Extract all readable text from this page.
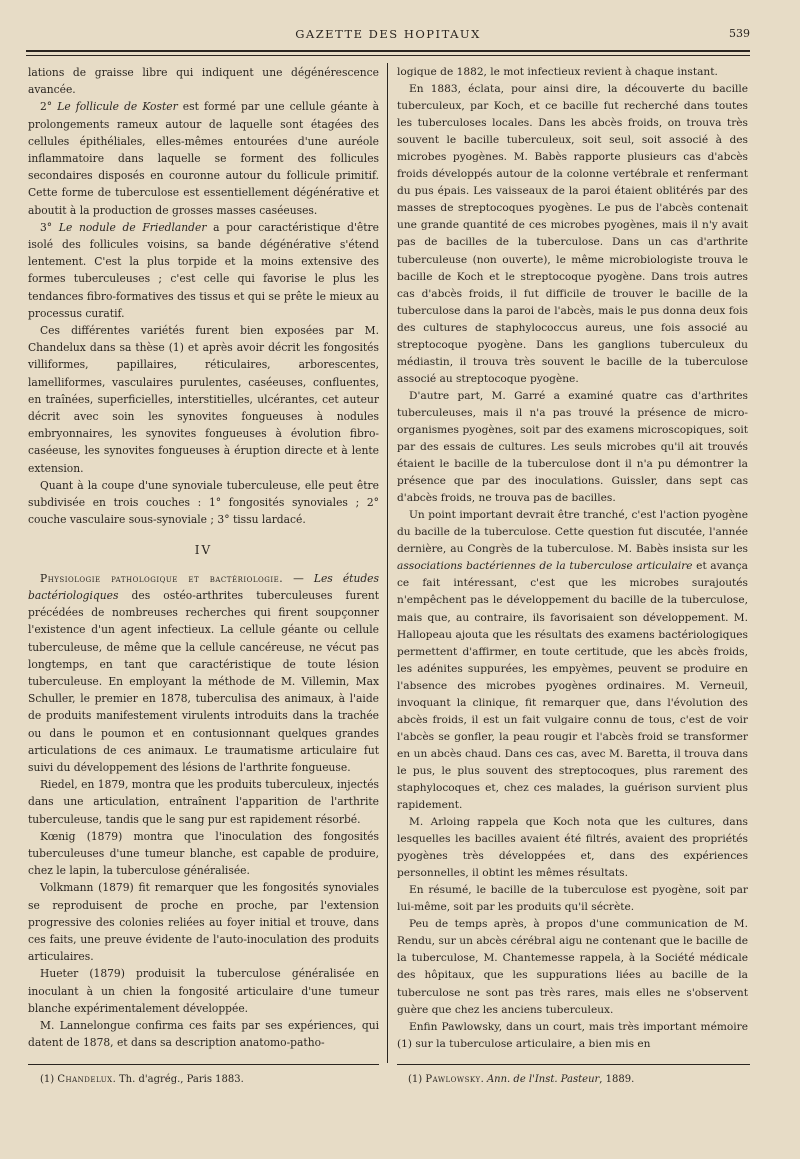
GAZETTE DES HOPITAUX	539

lations de graisse libre qui indiquent une dégénérescence avancée.

2° Le follicule de Koster est formé par une cellule géante à prolongements rameux autour de laquelle sont étagées des cellules épithéliales, elles-mêmes entourées d'une auréole inflammatoire dans laquelle se forment des follicules secondaires disposés en couronne autour du follicule primitif. Cette forme de tuberculose est essentiellement dégénérative et aboutit à la production de grosses masses caséeuses.

3° Le nodule de Friedlander a pour caractéristique d'être isolé des follicules voisins, sa bande dégénérative s'étend lentement. C'est la plus torpide et la moins extensive des formes tuberculeuses ; c'est celle qui favorise le plus les tendances fibro-formatives des tissus et qui se prête le mieux au processus curatif.

Ces différentes variétés furent bien exposées par M. Chandelux dans sa thèse (1) et après avoir décrit les fongosités villiformes, papillaires, réticulaires, arborescentes, lamelliformes, vasculaires purulentes, caséeuses, confluentes, en traînées, superficielles, interstitielles, ulcérantes, cet auteur décrit avec soin les synovites fongueuses à nodules embryonnaires, les synovites fongueuses à évolution fibro-caséeuse, les synovites fongueuses à éruption directe et à lente extension.

Quant à la coupe d'une synoviale tuberculeuse, elle peut être subdivisée en trois couches : 1° fongosités synoviales ; 2° couche vasculaire sous-synoviale ; 3° tissu lardacé.

IV

Physiologie pathologique et bactériologie. — Les études bactériologiques des ostéo-arthrites tuberculeuses furent précédées de nombreuses recherches qui firent soupçonner l'existence d'un agent infectieux. La cellule géante ou cellule tuberculeuse, de même que la cellule cancéreuse, ne vécut pas longtemps, en tant que caractéristique de toute lésion tuberculeuse. En employant la méthode de M. Villemin, Max Schuller, le premier en 1878, tuberculisa des animaux, à l'aide de produits manifestement virulents introduits dans la trachée ou dans le poumon et en contusionnant quelques grandes articulations de ces animaux. Le traumatisme articulaire fut suivi du développement des lésions de l'arthrite fongueuse.

Riedel, en 1879, montra que les produits tuberculeux, injectés dans une articulation, entraînent l'apparition de l'arthrite tuberculeuse, tandis que le sang pur est rapidement résorbé.

Kœnig (1879) montra que l'inoculation des fongosités tuberculeuses d'une tumeur blanche, est capable de produire, chez le lapin, la tuberculose généralisée.

Volkmann (1879) fit remarquer que les fongosités synoviales se reproduisent de proche en proche, par l'extension progressive des colonies reliées au foyer initial et trouve, dans ces faits, une preuve évidente de l'auto-inoculation des produits articulaires.

Hueter (1879) produisit la tuberculose généralisée en inoculant à un chien la fongosité articulaire d'une tumeur blanche expérimentalement développée.

M. Lannelongue confirma ces faits par ses expériences, qui datent de 1878, et dans sa description anatomo-patho-

(1) Chandelux. Th. d'agrég., Paris 1883.

logique de 1882, le mot infectieux revient à chaque instant.

En 1883, éclata, pour ainsi dire, la découverte du bacille tuberculeux, par Koch, et ce bacille fut recherché dans toutes les tuberculoses locales. Dans les abcès froids, on trouva très souvent le bacille tuberculeux, soit seul, soit associé à des microbes pyogènes. M. Babès rapporte plusieurs cas d'abcès froids développés autour de la colonne vertébrale et renfermant du pus épais. Les vaisseaux de la paroi étaient oblitérés par des masses de streptocoques pyogènes. Le pus de l'abcès contenait une grande quantité de ces microbes pyogènes, mais il n'y avait pas de bacilles de la tuberculose. Dans un cas d'arthrite tuberculeuse (non ouverte), le même microbiologiste trouva le bacille de Koch et le streptocoque pyogène. Dans trois autres cas d'abcès froids, il fut difficile de trouver le bacille de la tuberculose dans la paroi de l'abcès, mais le pus donna deux fois des cultures de staphylococcus aureus, une fois associé au streptocoque pyogène. Dans les ganglions tuberculeux du médiastin, il trouva très souvent le bacille de la tuberculose associé au streptocoque pyogène.

D'autre part, M. Garré a examiné quatre cas d'arthrites tuberculeuses, mais il n'a pas trouvé la présence de micro-organismes pyogènes, soit par des examens microscopiques, soit par des essais de cultures. Les seuls microbes qu'il ait trouvés étaient le bacille de la tuberculose dont il n'a pu démontrer la présence que par des inoculations. Guissler, dans sept cas d'abcès froids, ne trouva pas de bacilles.

Un point important devrait être tranché, c'est l'action pyogène du bacille de la tuberculose. Cette question fut discutée, l'année dernière, au Congrès de la tuberculose. M. Babès insista sur les associations bactériennes de la tuberculose articulaire et avança ce fait intéressant, c'est que les microbes surajoutés n'empêchent pas le développement du bacille de la tuberculose, mais que, au contraire, ils favorisaient son développement. M. Hallopeau ajouta que les résultats des examens bactériologiques permettent d'affirmer, en toute certitude, que les abcès froids, les adénites suppurées, les empyèmes, peuvent se produire en l'absence des microbes pyogènes ordinaires. M. Verneuil, invoquant la clinique, fit remarquer que, dans l'évolution des abcès froids, il est un fait vulgaire connu de tous, c'est de voir l'abcès se gonfler, la peau rougir et l'abcès froid se transformer en un abcès chaud. Dans ces cas, avec M. Baretta, il trouva dans le pus, le plus souvent des streptocoques, plus rarement des staphylocoques et, chez ces malades, la guérison survient plus rapidement.

M. Arloing rappela que Koch nota que les cultures, dans lesquelles les bacilles avaient été filtrés, avaient des propriétés pyogènes très développées et, dans des expériences personnelles, il obtint les mêmes résultats.

En résumé, le bacille de la tuberculose est pyogène, soit par lui-même, soit par les produits qu'il sécrète.

Peu de temps après, à propos d'une communication de M. Rendu, sur un abcès cérébral aigu ne contenant que le bacille de la tuberculose, M. Chantemesse rappela, à la Société médicale des hôpitaux, que les suppurations liées au bacille de la tuberculose ne sont pas très rares, mais elles ne s'observent guère que chez les anciens tuberculeux.

Enfin Pawlowsky, dans un court, mais très important mémoire (1) sur la tuberculose articulaire, a bien mis en

(1) Pawlowsky. Ann. de l'Inst. Pasteur, 1889.
